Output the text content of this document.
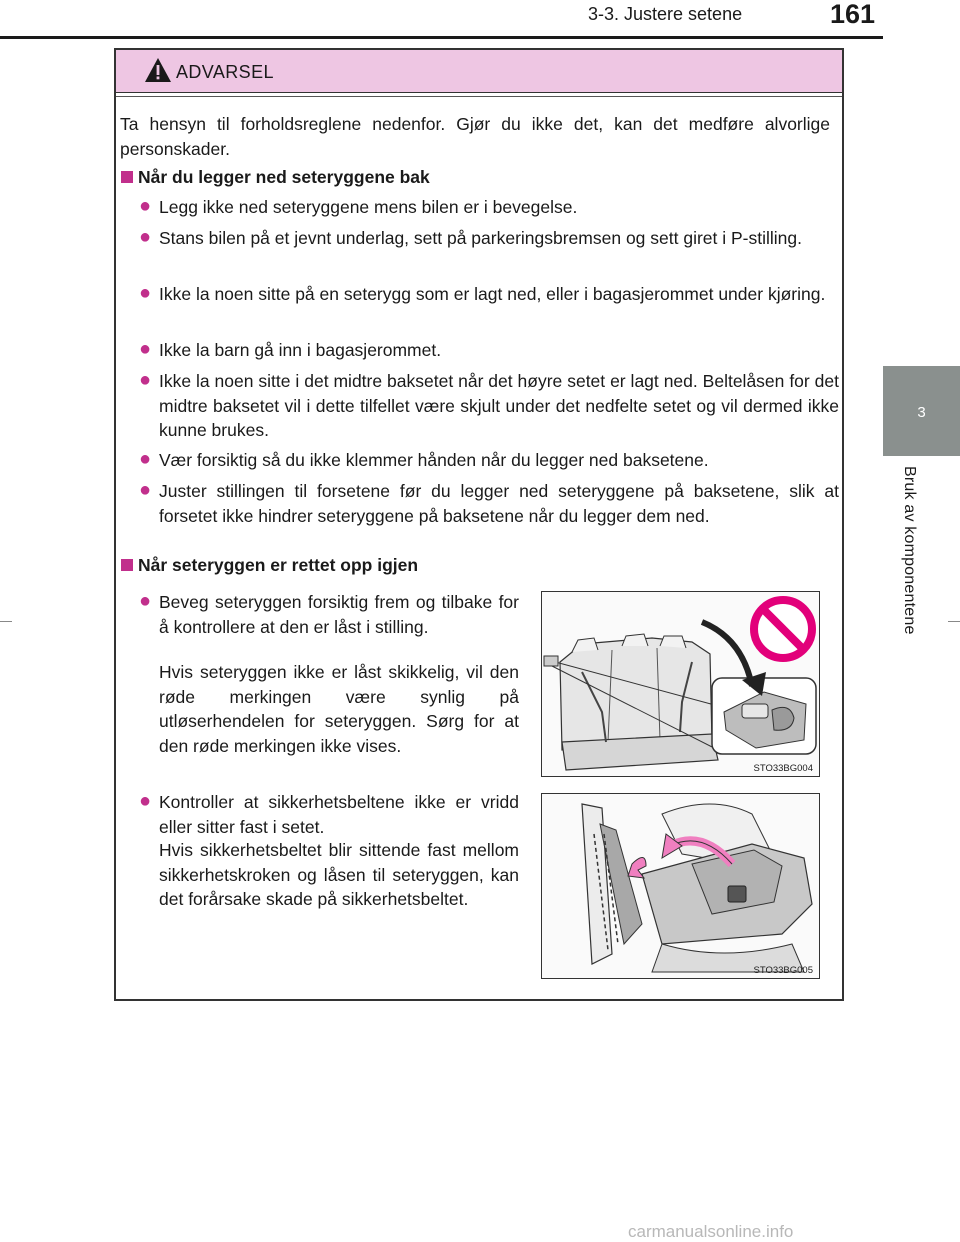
3-3. Justere setene	161
3
Bruk av komponentene
ADVARSEL

Ta hensyn til forholdsreglene nedenfor. Gjør du ikke det, kan det medføre alvorlige personskader.

Når du legger ned seteryggene bak
● Legg ikke ned seteryggene mens bilen er i bevegelse.

● Stans bilen på et jevnt underlag, sett på parkeringsbremsen og sett giret i P-stilling.

● Ikke la noen sitte på en seterygg som er lagt ned, eller i bagasjerommet under kjøring.

● Ikke la barn gå inn i bagasjerommet.

● Ikke la noen sitte i det midtre baksetet når det høyre setet er lagt ned. Beltelåsen for det midtre baksetet vil i dette tilfellet være skjult under det nedfelte setet og vil dermed ikke kunne brukes.

● Vær forsiktig så du ikke klemmer hånden når du legger ned baksetene.

● Juster stillingen til forsetene før du legger ned seteryggene på baksetene, slik at forsetet ikke hindrer seteryggene på baksetene når du legger dem ned.

Når seteryggen er rettet opp igjen
● Beveg seteryggen forsiktig frem og tilbake for å kontrollere at den er låst i stilling.

Hvis seteryggen ikke er låst skikkelig, vil den røde merkingen være synlig på utløserhendelen for seteryggen. Sørg for at den røde merkingen ikke vises.

● Kontroller at sikkerhetsbeltene ikke er vridd eller sitter fast i setet.

Hvis sikkerhetsbeltet blir sittende fast mellom sikkerhetskroken og låsen til seteryggen, kan det forårsake skade på sikkerhetsbeltet.

STO33BG004
STO33BG005
carmanualsonline.info
